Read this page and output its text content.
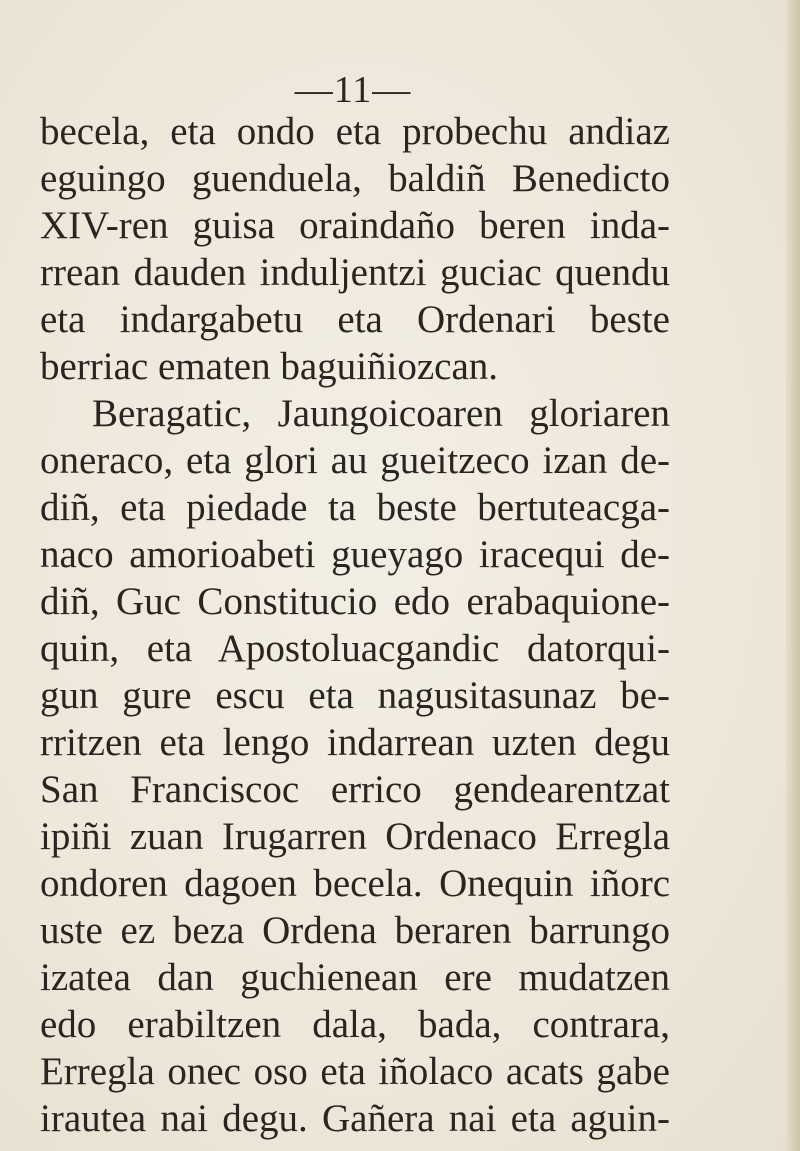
—11—
becela, eta ondo eta probechu andiaz
eguingo guenduela, baldiñ Benedicto
XIV-ren guisa oraindaño beren inda-
rrean dauden induljentzi guciac quendu
eta indargabetu eta Ordenari beste
berriac ematen baguiñiozcan.
Beragatic, Jaungoicoaren gloriaren
oneraco, eta glori au gueitzeco izan de-
diñ, eta piedade ta beste bertuteacga-
naco amorioabeti gueyago iracequi de-
diñ, Guc Constitucio edo erabaquione-
quin, eta Apostoluacgandic datorqui-
gun gure escu eta nagusitasunaz be-
rritzen eta lengo indarrean uzten degu
San Franciscoc errico gendearentzat
ipiñi zuan Irugarren Ordenaco Erregla
ondoren dagoen becela. Onequin iñorc
uste ez beza Ordena beraren barrungo
izatea dan guchienean ere mudatzen
edo erabiltzen dala, bada, contrara,
Erregla onec oso eta iñolaco acats gabe
irautea nai degu. Gañera nai eta aguin-
